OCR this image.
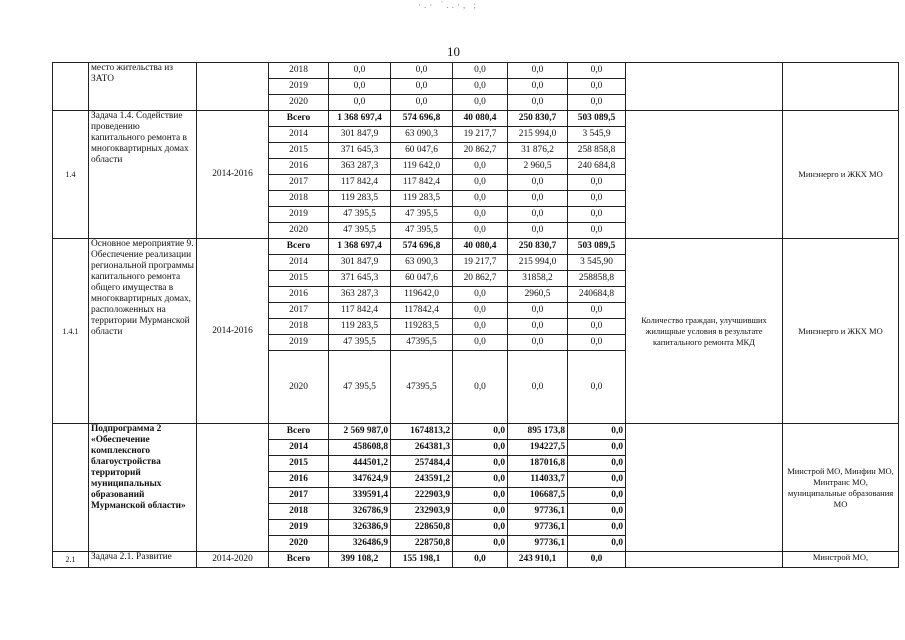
·.· ˙..·, ;
10
	место жительства из ЗАТО		2018	0,0	0,0	0,0	0,0	0,0		
			2019	0,0	0,0	0,0	0,0	0,0		
			2020	0,0	0,0	0,0	0,0	0,0		
1.4	Задача 1.4. Содействие проведению капитального ремонта в многоквартирных домах области	2014-2016	Всего	1 368 697,4	574 696,8	40 080,4	250 830,7	503 089,5		Минэнерго и ЖКХ МО
			2014	301 847,9	63 090,3	19 217,7	215 994,0	3 545,9		
			2015	371 645,3	60 047,6	20 862,7	31 876,2	258 858,8		
			2016	363 287,3	119 642,0	0,0	2 960,5	240 684,8		
			2017	117 842,4	117 842,4	0,0	0,0	0,0		
			2018	119 283,5	119 283,5	0,0	0,0	0,0		
			2019	47 395,5	47 395,5	0,0	0,0	0,0		
			2020	47 395,5	47 395,5	0,0	0,0	0,0		
1.4.1	Основное мероприятие 9. Обеспечение реализации региональной программы капитального ремонта общего имущества в многоквартирных домах, расположенных на территории Мурманской области	2014-2016	Всего	1 368 697,4	574 696,8	40 080,4	250 830,7	503 089,5	Количество граждан, улучшивших жилищные условия в результате капитального ремонта МКД	Минэнерго и ЖКХ МО
			2014	301 847,9	63 090,3	19 217,7	215 994,0	3 545,90		
			2015	371 645,3	60 047,6	20 862,7	31858,2	258858,8		
			2016	363 287,3	119642,0	0,0	2960,5	240684,8		
			2017	117 842,4	117842,4	0,0	0,0	0,0		
			2018	119 283,5	119283,5	0,0	0,0	0,0		
			2019	47 395,5	47395,5	0,0	0,0	0,0		
			2020	47 395,5	47395,5	0,0	0,0	0,0		
	Подпрограмма 2 «Обеспечение комплексного благоустройства территорий муниципальных образований Мурманской области»		Всего	2 569 987,0	1674813,2	0,0	895 173,8	0,0		Минстрой МО, Минфин МО, Минтранс МО, муниципальные образования МО
			2014	458608,8	264381,3	0,0	194227,5	0,0		
			2015	444501,2	257484,4	0,0	187016,8	0,0		
			2016	347624,9	243591,2	0,0	114033,7	0,0		
			2017	339591,4	222903,9	0,0	106687,5	0,0		
			2018	326786,9	232903,9	0,0	97736,1	0,0		
			2019	326386,9	228650,8	0,0	97736,1	0,0		
			2020	326486,9	228750,8	0,0	97736,1	0,0		
2.1	Задача 2.1. Развитие	2014-2020	Всего	399 108,2	155 198,1	0,0	243 910,1	0,0		Минстрой МО,
